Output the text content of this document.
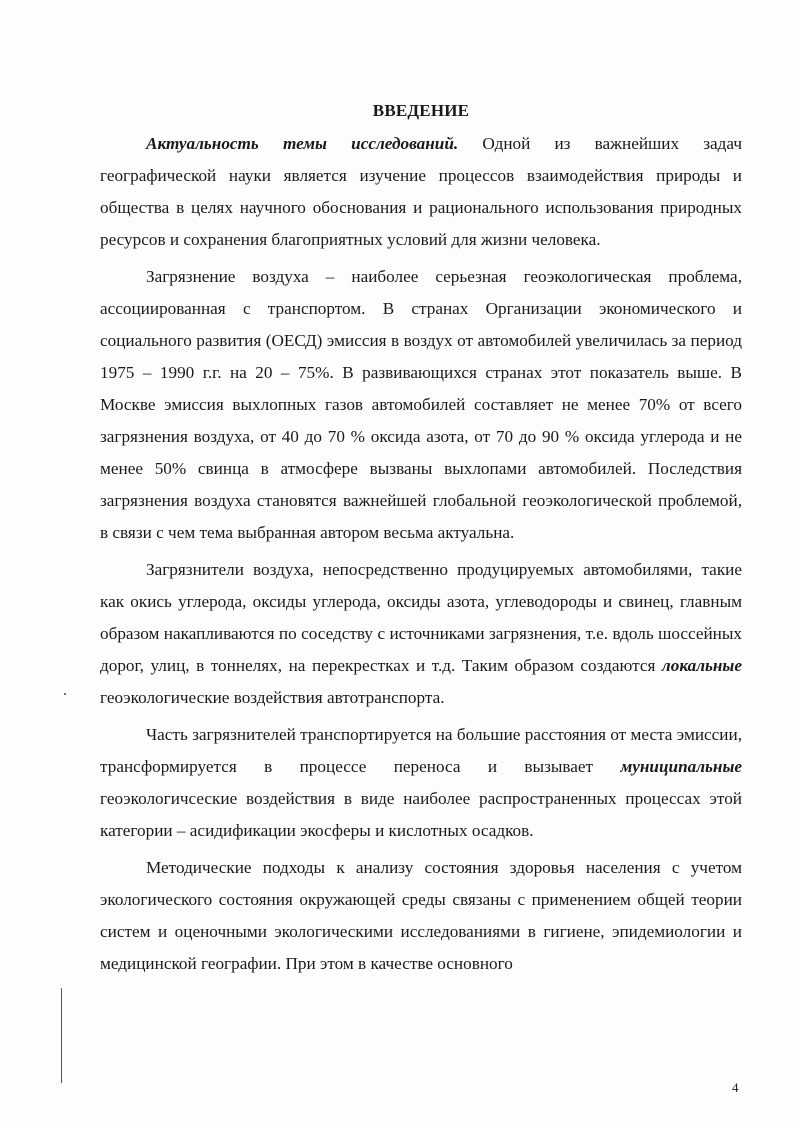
ВВЕДЕНИЕ

Актуальность темы исследований. Одной из важнейших задач географической науки является изучение процессов взаимодействия природы и общества в целях научного обоснования и рационального использования природных ресурсов и сохранения благоприятных условий для жизни человека.

Загрязнение воздуха – наиболее серьезная геоэкологическая проблема, ассоциированная с транспортом. В странах Организации экономического и социального развития (ОЕСД) эмиссия в воздух от автомобилей увеличилась за период 1975 – 1990 г.г. на 20 – 75%. В развивающихся странах этот показатель выше. В Москве эмиссия выхлопных газов автомобилей составляет не менее 70% от всего загрязнения воздуха, от 40 до 70 % оксида азота, от 70 до 90 % оксида углерода и не менее 50% свинца в атмосфере вызваны выхлопами автомобилей. Последствия загрязнения воздуха становятся важнейшей глобальной геоэкологической проблемой, в связи с чем тема выбранная автором весьма актуальна.

Загрязнители воздуха, непосредственно продуцируемых автомобилями, такие как окись углерода, оксиды углерода, оксиды азота, углеводороды и свинец, главным образом накапливаются по соседству с источниками загрязнения, т.е. вдоль шоссейных дорог, улиц, в тоннелях, на перекрестках и т.д. Таким образом создаются локальные геоэкологические воздействия автотранспорта.

Часть загрязнителей транспортируется на большие расстояния от места эмиссии, трансформируется в процессе переноса и вызывает муниципальные геоэкологичсеские воздействия в виде наиболее распространенных процессах этой категории – асидификации экосферы и кислотных осадков.

Методические подходы к анализу состояния здоровья населения с учетом экологического состояния окружающей среды связаны с применением общей теории систем и оценочными экологическими исследованиями в гигиене, эпидемиологии и медицинской географии. При этом в качестве основного

4
